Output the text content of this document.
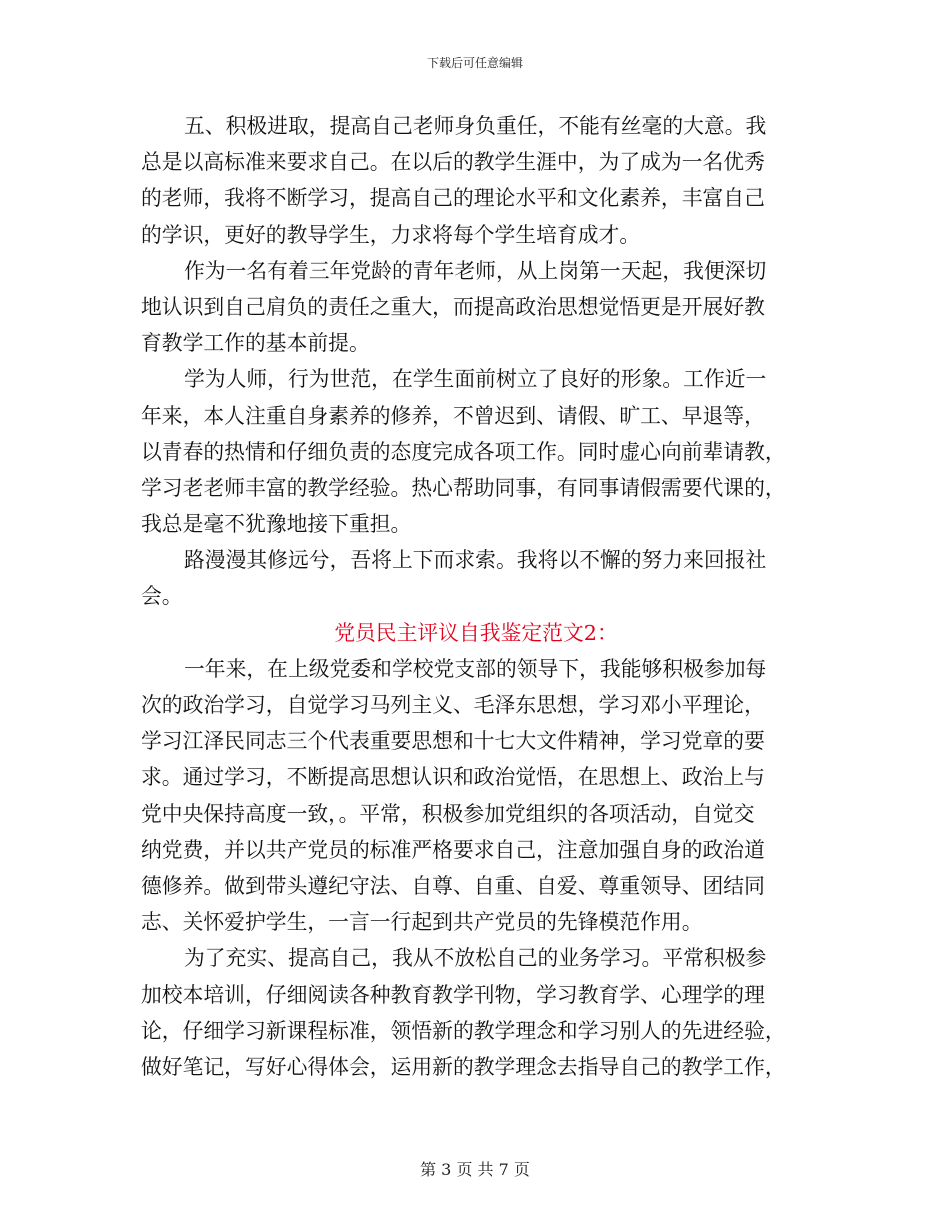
下载后可任意编辑
五、积极进取，提高自己老师身负重任，不能有丝毫的大意。我
总是以高标准来要求自己。在以后的教学生涯中，为了成为一名优秀
的老师，我将不断学习，提高自己的理论水平和文化素养，丰富自己
的学识，更好的教导学生，力求将每个学生培育成才。
作为一名有着三年党龄的青年老师，从上岗第一天起，我便深切
地认识到自己肩负的责任之重大，而提高政治思想觉悟更是开展好教
育教学工作的基本前提。
学为人师，行为世范，在学生面前树立了良好的形象。工作近一
年来，本人注重自身素养的修养，不曾迟到、请假、旷工、早退等，
以青春的热情和仔细负责的态度完成各项工作。同时虚心向前辈请教，
学习老老师丰富的教学经验。热心帮助同事，有同事请假需要代课的，
我总是毫不犹豫地接下重担。
路漫漫其修远兮，吾将上下而求索。我将以不懈的努力来回报社
会。
党员民主评议自我鉴定范文2：
一年来，在上级党委和学校党支部的领导下，我能够积极参加每
次的政治学习，自觉学习马列主义、毛泽东思想，学习邓小平理论，
学习江泽民同志三个代表重要思想和十七大文件精神，学习党章的要
求。通过学习，不断提高思想认识和政治觉悟，在思想上、政治上与
党中央保持高度一致，。平常，积极参加党组织的各项活动，自觉交
纳党费，并以共产党员的标准严格要求自己，注意加强自身的政治道
德修养。做到带头遵纪守法、自尊、自重、自爱、尊重领导、团结同
志、关怀爱护学生，一言一行起到共产党员的先锋模范作用。
为了充实、提高自己，我从不放松自己的业务学习。平常积极参
加校本培训，仔细阅读各种教育教学刊物，学习教育学、心理学的理
论，仔细学习新课程标准，领悟新的教学理念和学习别人的先进经验，
做好笔记，写好心得体会，运用新的教学理念去指导自己的教学工作，
第 3 页 共 7 页
